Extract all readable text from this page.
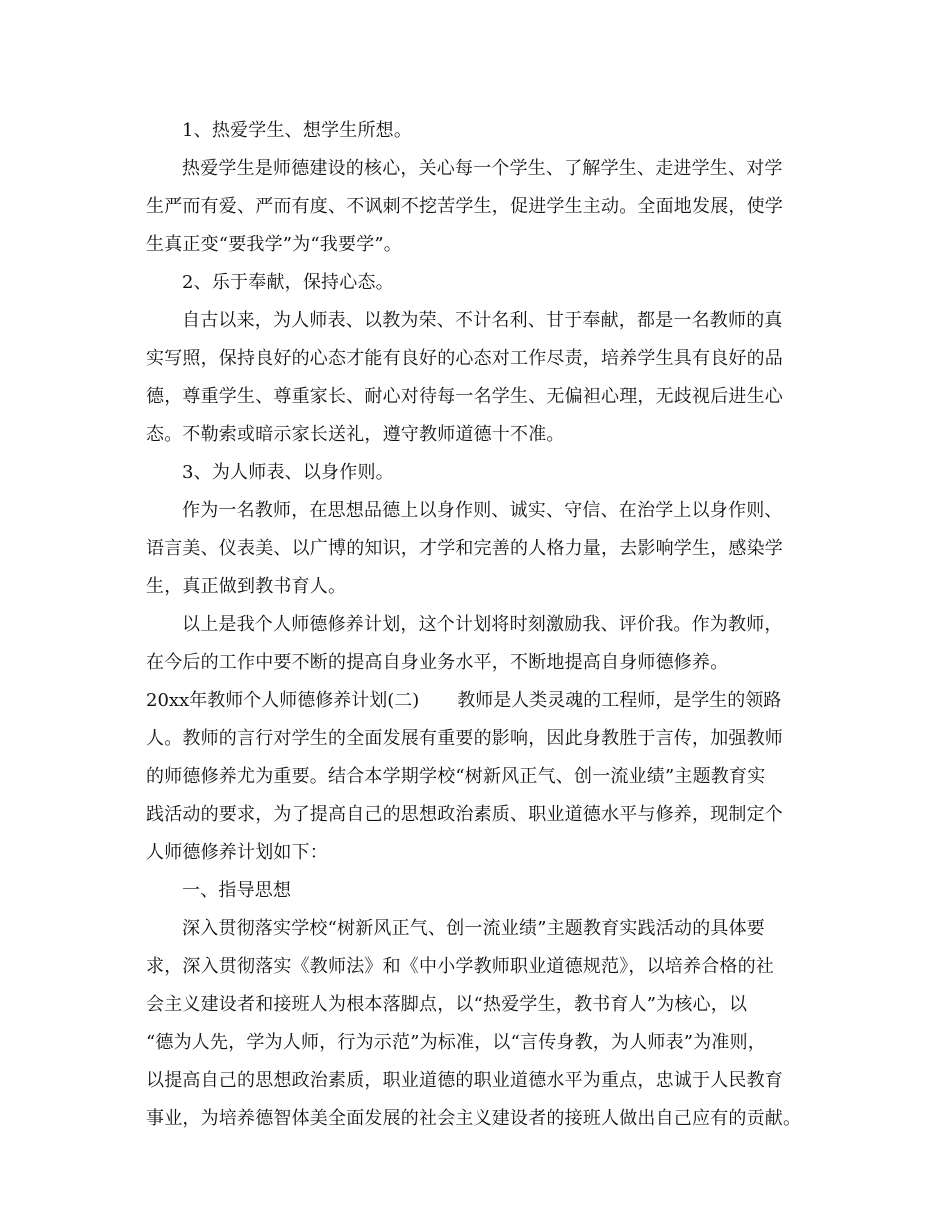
1、热爱学生、想学生所想。
热爱学生是师德建设的核心，关心每一个学生、了解学生、走进学生、对学
生严而有爱、严而有度、不讽刺不挖苦学生，促进学生主动。全面地发展，使学
生真正变“要我学”为“我要学”。
2、乐于奉献，保持心态。
自古以来，为人师表、以教为荣、不计名利、甘于奉献，都是一名教师的真
实写照，保持良好的心态才能有良好的心态对工作尽责，培养学生具有良好的品
德，尊重学生、尊重家长、耐心对待每一名学生、无偏袒心理，无歧视后进生心
态。不勒索或暗示家长送礼，遵守教师道德十不准。
3、为人师表、以身作则。
作为一名教师，在思想品德上以身作则、诚实、守信、在治学上以身作则、
语言美、仪表美、以广博的知识，才学和完善的人格力量，去影响学生，感染学
生，真正做到教书育人。
以上是我个人师德修养计划，这个计划将时刻激励我、评价我。作为教师，
在今后的工作中要不断的提高自身业务水平，不断地提高自身师德修养。
20xx年教师个人师德修养计划(二) 教师是人类灵魂的工程师，是学生的领路
人。教师的言行对学生的全面发展有重要的影响，因此身教胜于言传，加强教师
的师德修养尤为重要。结合本学期学校“树新风正气、创一流业绩”主题教育实
践活动的要求，为了提高自己的思想政治素质、职业道德水平与修养，现制定个
人师德修养计划如下：
一、指导思想
深入贯彻落实学校“树新风正气、创一流业绩”主题教育实践活动的具体要
求，深入贯彻落实《教师法》和《中小学教师职业道德规范》，以培养合格的社
会主义建设者和接班人为根本落脚点，以“热爱学生，教书育人”为核心，以
“德为人先，学为人师，行为示范”为标准，以“言传身教，为人师表”为准则，
以提高自己的思想政治素质，职业道德的职业道德水平为重点，忠诚于人民教育
事业，为培养德智体美全面发展的社会主义建设者的接班人做出自己应有的贡献。
